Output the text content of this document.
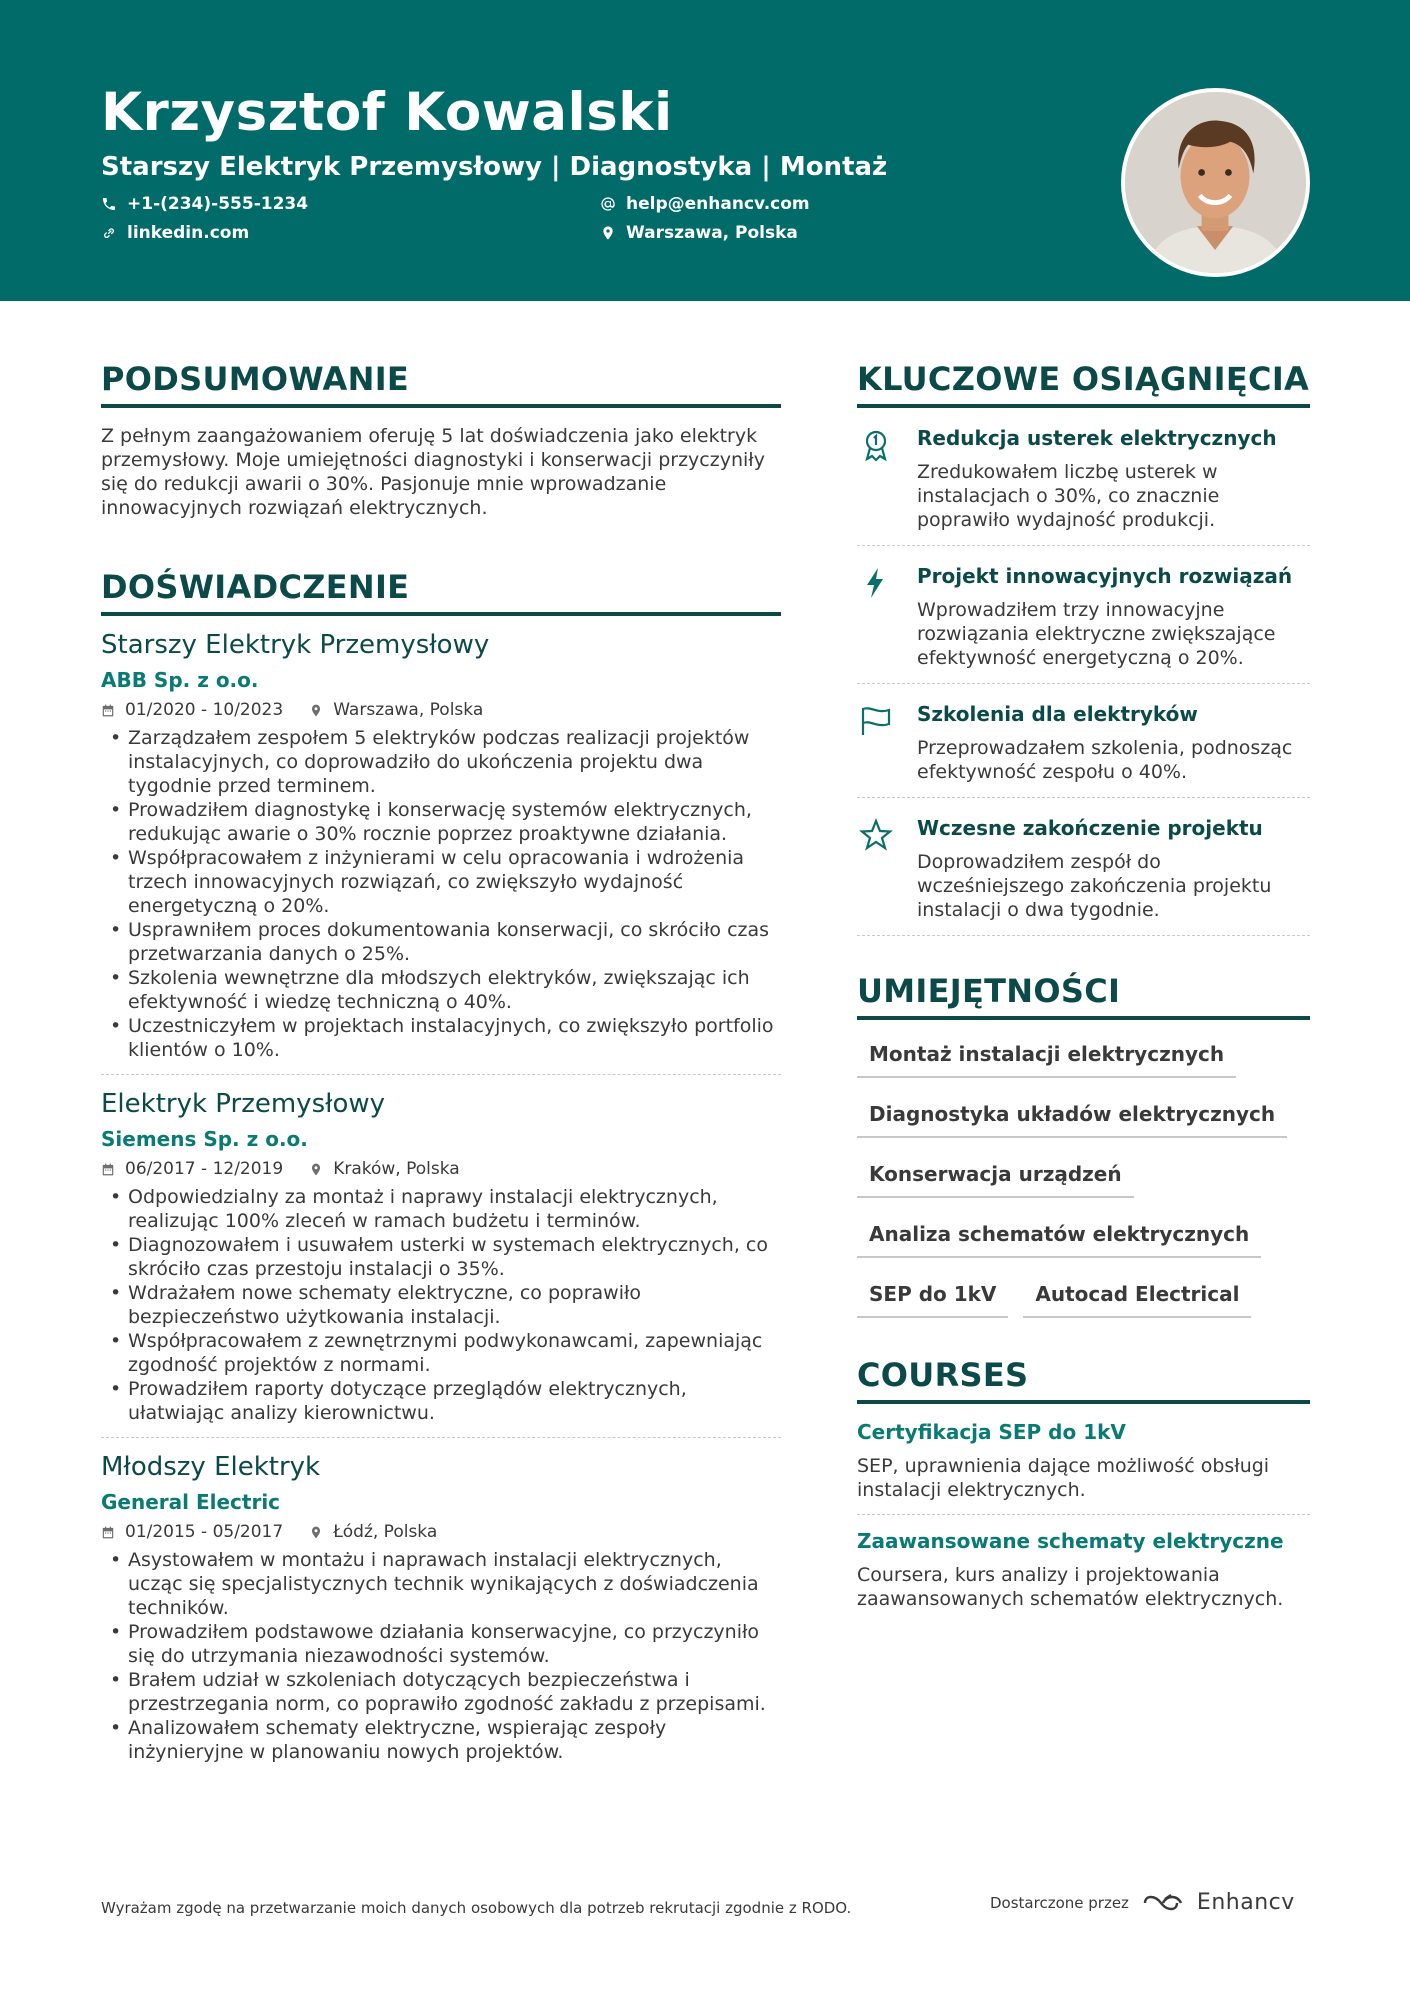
Krzysztof Kowalski
Starszy Elektryk Przemysłowy | Diagnostyka | Montaż
+1-(234)-555-1234	help@enhancv.com
linkedin.com	Warszawa, Polska
PODSUMOWANIE
Z pełnym zaangażowaniem oferuję 5 lat doświadczenia jako elektryk przemysłowy. Moje umiejętności diagnostyki i konserwacji przyczyniły się do redukcji awarii o 30%. Pasjonuje mnie wprowadzanie innowacyjnych rozwiązań elektrycznych.
DOŚWIADCZENIE
Starszy Elektryk Przemysłowy
ABB Sp. z o.o.
01/2020 - 10/2023	Warszawa, Polska
• Zarządzałem zespołem 5 elektryków podczas realizacji projektów instalacyjnych, co doprowadziło do ukończenia projektu dwa tygodnie przed terminem.
• Prowadziłem diagnostykę i konserwację systemów elektrycznych, redukując awarie o 30% rocznie poprzez proaktywne działania.
• Współpracowałem z inżynierami w celu opracowania i wdrożenia trzech innowacyjnych rozwiązań, co zwiększyło wydajność energetyczną o 20%.
• Usprawniłem proces dokumentowania konserwacji, co skróciło czas przetwarzania danych o 25%.
• Szkolenia wewnętrzne dla młodszych elektryków, zwiększając ich efektywność i wiedzę techniczną o 40%.
• Uczestniczyłem w projektach instalacyjnych, co zwiększyło portfolio klientów o 10%.
Elektryk Przemysłowy
Siemens Sp. z o.o.
06/2017 - 12/2019	Kraków, Polska
• Odpowiedzialny za montaż i naprawy instalacji elektrycznych, realizując 100% zleceń w ramach budżetu i terminów.
• Diagnozowałem i usuwałem usterki w systemach elektrycznych, co skróciło czas przestoju instalacji o 35%.
• Wdrażałem nowe schematy elektryczne, co poprawiło bezpieczeństwo użytkowania instalacji.
• Współpracowałem z zewnętrznymi podwykonawcami, zapewniając zgodność projektów z normami.
• Prowadziłem raporty dotyczące przeglądów elektrycznych, ułatwiając analizy kierownictwu.
Młodszy Elektryk
General Electric
01/2015 - 05/2017	Łódź, Polska
• Asystowałem w montażu i naprawach instalacji elektrycznych, ucząc się specjalistycznych technik wynikających z doświadczenia techników.
• Prowadziłem podstawowe działania konserwacyjne, co przyczyniło się do utrzymania niezawodności systemów.
• Brałem udział w szkoleniach dotyczących bezpieczeństwa i przestrzegania norm, co poprawiło zgodność zakładu z przepisami.
• Analizowałem schematy elektryczne, wspierając zespoły inżynieryjne w planowaniu nowych projektów.
KLUCZOWE OSIĄGNIĘCIA
Redukcja usterek elektrycznych
Zredukowałem liczbę usterek w instalacjach o 30%, co znacznie poprawiło wydajność produkcji.
Projekt innowacyjnych rozwiązań
Wprowadziłem trzy innowacyjne rozwiązania elektryczne zwiększające efektywność energetyczną o 20%.
Szkolenia dla elektryków
Przeprowadzałem szkolenia, podnosząc efektywność zespołu o 40%.
Wczesne zakończenie projektu
Doprowadziłem zespół do wcześniejszego zakończenia projektu instalacji o dwa tygodnie.
UMIEJĘTNOŚCI
Montaż instalacji elektrycznych
Diagnostyka układów elektrycznych
Konserwacja urządzeń
Analiza schematów elektrycznych
SEP do 1kV	Autocad Electrical
COURSES
Certyfikacja SEP do 1kV
SEP, uprawnienia dające możliwość obsługi instalacji elektrycznych.
Zaawansowane schematy elektryczne
Coursera, kurs analizy i projektowania zaawansowanych schematów elektrycznych.
Wyrażam zgodę na przetwarzanie moich danych osobowych dla potrzeb rekrutacji zgodnie z RODO.	Dostarczone przez	Enhancv
